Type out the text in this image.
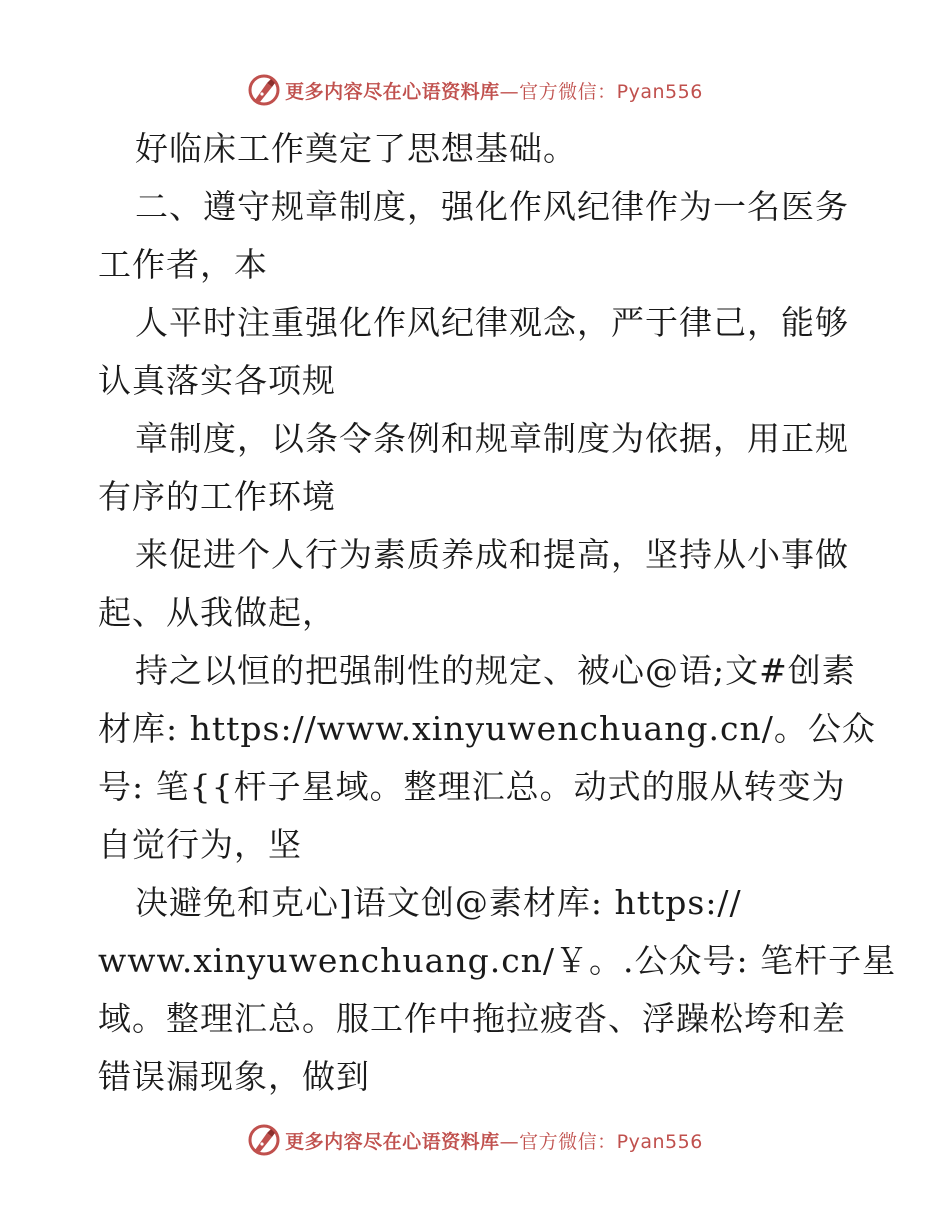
更多内容尽在心语资料库—官方微信：Pyan556
好临床工作奠定了思想基础。
二、遵守规章制度，强化作风纪律作为一名医务
工作者，本
人平时注重强化作风纪律观念，严于律己，能够
认真落实各项规
章制度，以条令条例和规章制度为依据，用正规
有序的工作环境
来促进个人行为素质养成和提高，坚持从小事做
起、从我做起，
持之以恒的把强制性的规定、被心@语;文#创素
材库: https://www.xinyuwenchuang.cn/。公众
号: 笔{{杆子星域。整理汇总。动式的服从转变为
自觉行为，坚
决避免和克心]语文创@素材库: https://
www.xinyuwenchuang.cn/￥。.公众号: 笔杆子星
域。整理汇总。服工作中拖拉疲沓、浮躁松垮和差
错误漏现象，做到
更多内容尽在心语资料库—官方微信：Pyan556
